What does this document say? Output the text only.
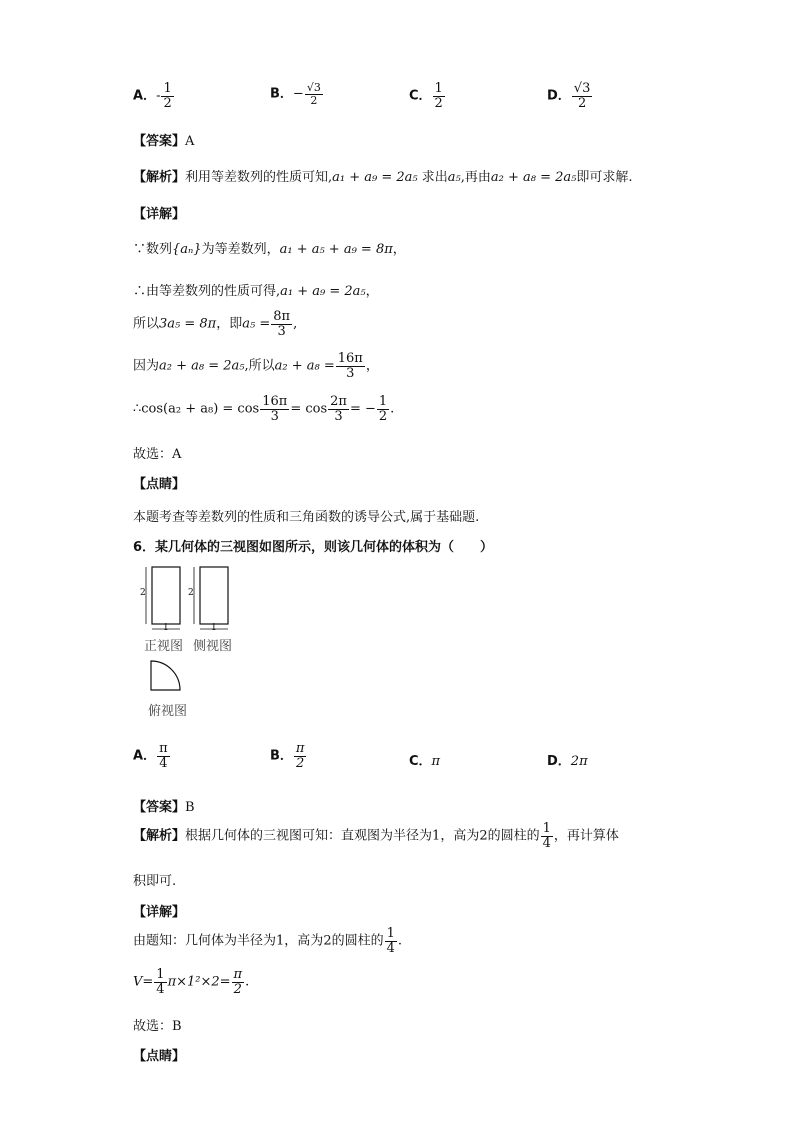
A．- $\frac{1}{2}$	B．− $\frac{√3}{2}$	C． $\frac{1}{2}$	D． $\frac{√3}{2}$
【答案】A
【解析】利用等差数列的性质可知,a₁ + a₉ = 2a₅ 求出a₅,再由a₂ + a₈ = 2a₅即可求解.
【详解】
∵数列{aₙ}为等差数列，a₁ + a₅ + a₉ = 8π，
∴由等差数列的性质可得,a₁ + a₉ = 2a₅，
所以3a₅ = 8π，即$a_5 = \frac{8\pi}{3}$ ,
因为a₂ + a₈ = 2a₅,所以$a_2 + a_8 = \frac{16\pi}{3}$ ，
∴cos(a₂ + $a_8) = \cos \frac{16\pi}{3} = \cos \frac{2\pi}{3}$ = − $\frac{1}{2}$ .
故选：A
【点睛】
本题考查等差数列的性质和三角函数的诱导公式,属于基础题.
6．某几何体的三视图如图所示，则该几何体的体积为（　　）
2
1
2
1
正视图 侧视图
俯视图
A． $\frac{\pi}{4}$	B． $\frac{\pi}{2}$	C．π	D．2π
【答案】B
【解析】根据几何体的三视图可知：直观图为半径为1，高为2的圆柱的 $\frac{1}{4}$ ，再计算体
积即可.
【详解】
由题知：几何体为半径为1，高为2的圆柱的 $\frac{1}{4}$ .
$V= \frac{1}{4} \pi\times 1^2\times 2= \frac{\pi}{2}$ .
故选：B
【点睛】
